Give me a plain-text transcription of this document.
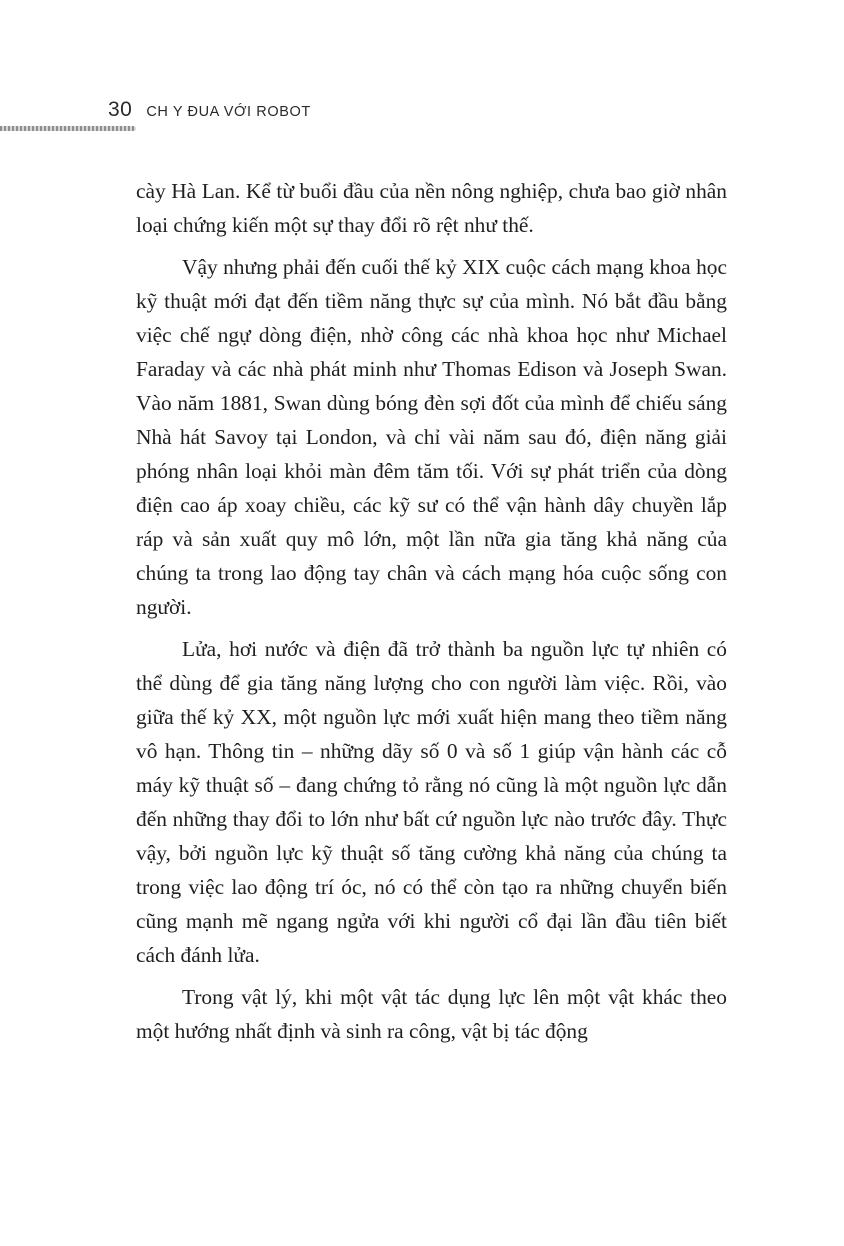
30 CH Y ĐUA VỚI ROBOT

cày Hà Lan. Kể từ buổi đầu của nền nông nghiệp, chưa bao giờ nhân loại chứng kiến một sự thay đổi rõ rệt như thế.

Vậy nhưng phải đến cuối thế kỷ XIX cuộc cách mạng khoa học kỹ thuật mới đạt đến tiềm năng thực sự của mình. Nó bắt đầu bằng việc chế ngự dòng điện, nhờ công các nhà khoa học như Michael Faraday và các nhà phát minh như Thomas Edison và Joseph Swan. Vào năm 1881, Swan dùng bóng đèn sợi đốt của mình để chiếu sáng Nhà hát Savoy tại London, và chỉ vài năm sau đó, điện năng giải phóng nhân loại khỏi màn đêm tăm tối. Với sự phát triển của dòng điện cao áp xoay chiều, các kỹ sư có thể vận hành dây chuyền lắp ráp và sản xuất quy mô lớn, một lần nữa gia tăng khả năng của chúng ta trong lao động tay chân và cách mạng hóa cuộc sống con người.

Lửa, hơi nước và điện đã trở thành ba nguồn lực tự nhiên có thể dùng để gia tăng năng lượng cho con người làm việc. Rồi, vào giữa thế kỷ XX, một nguồn lực mới xuất hiện mang theo tiềm năng vô hạn. Thông tin – những dãy số 0 và số 1 giúp vận hành các cỗ máy kỹ thuật số – đang chứng tỏ rằng nó cũng là một nguồn lực dẫn đến những thay đổi to lớn như bất cứ nguồn lực nào trước đây. Thực vậy, bởi nguồn lực kỹ thuật số tăng cường khả năng của chúng ta trong việc lao động trí óc, nó có thể còn tạo ra những chuyển biến cũng mạnh mẽ ngang ngửa với khi người cổ đại lần đầu tiên biết cách đánh lửa.

Trong vật lý, khi một vật tác dụng lực lên một vật khác theo một hướng nhất định và sinh ra công, vật bị tác động
